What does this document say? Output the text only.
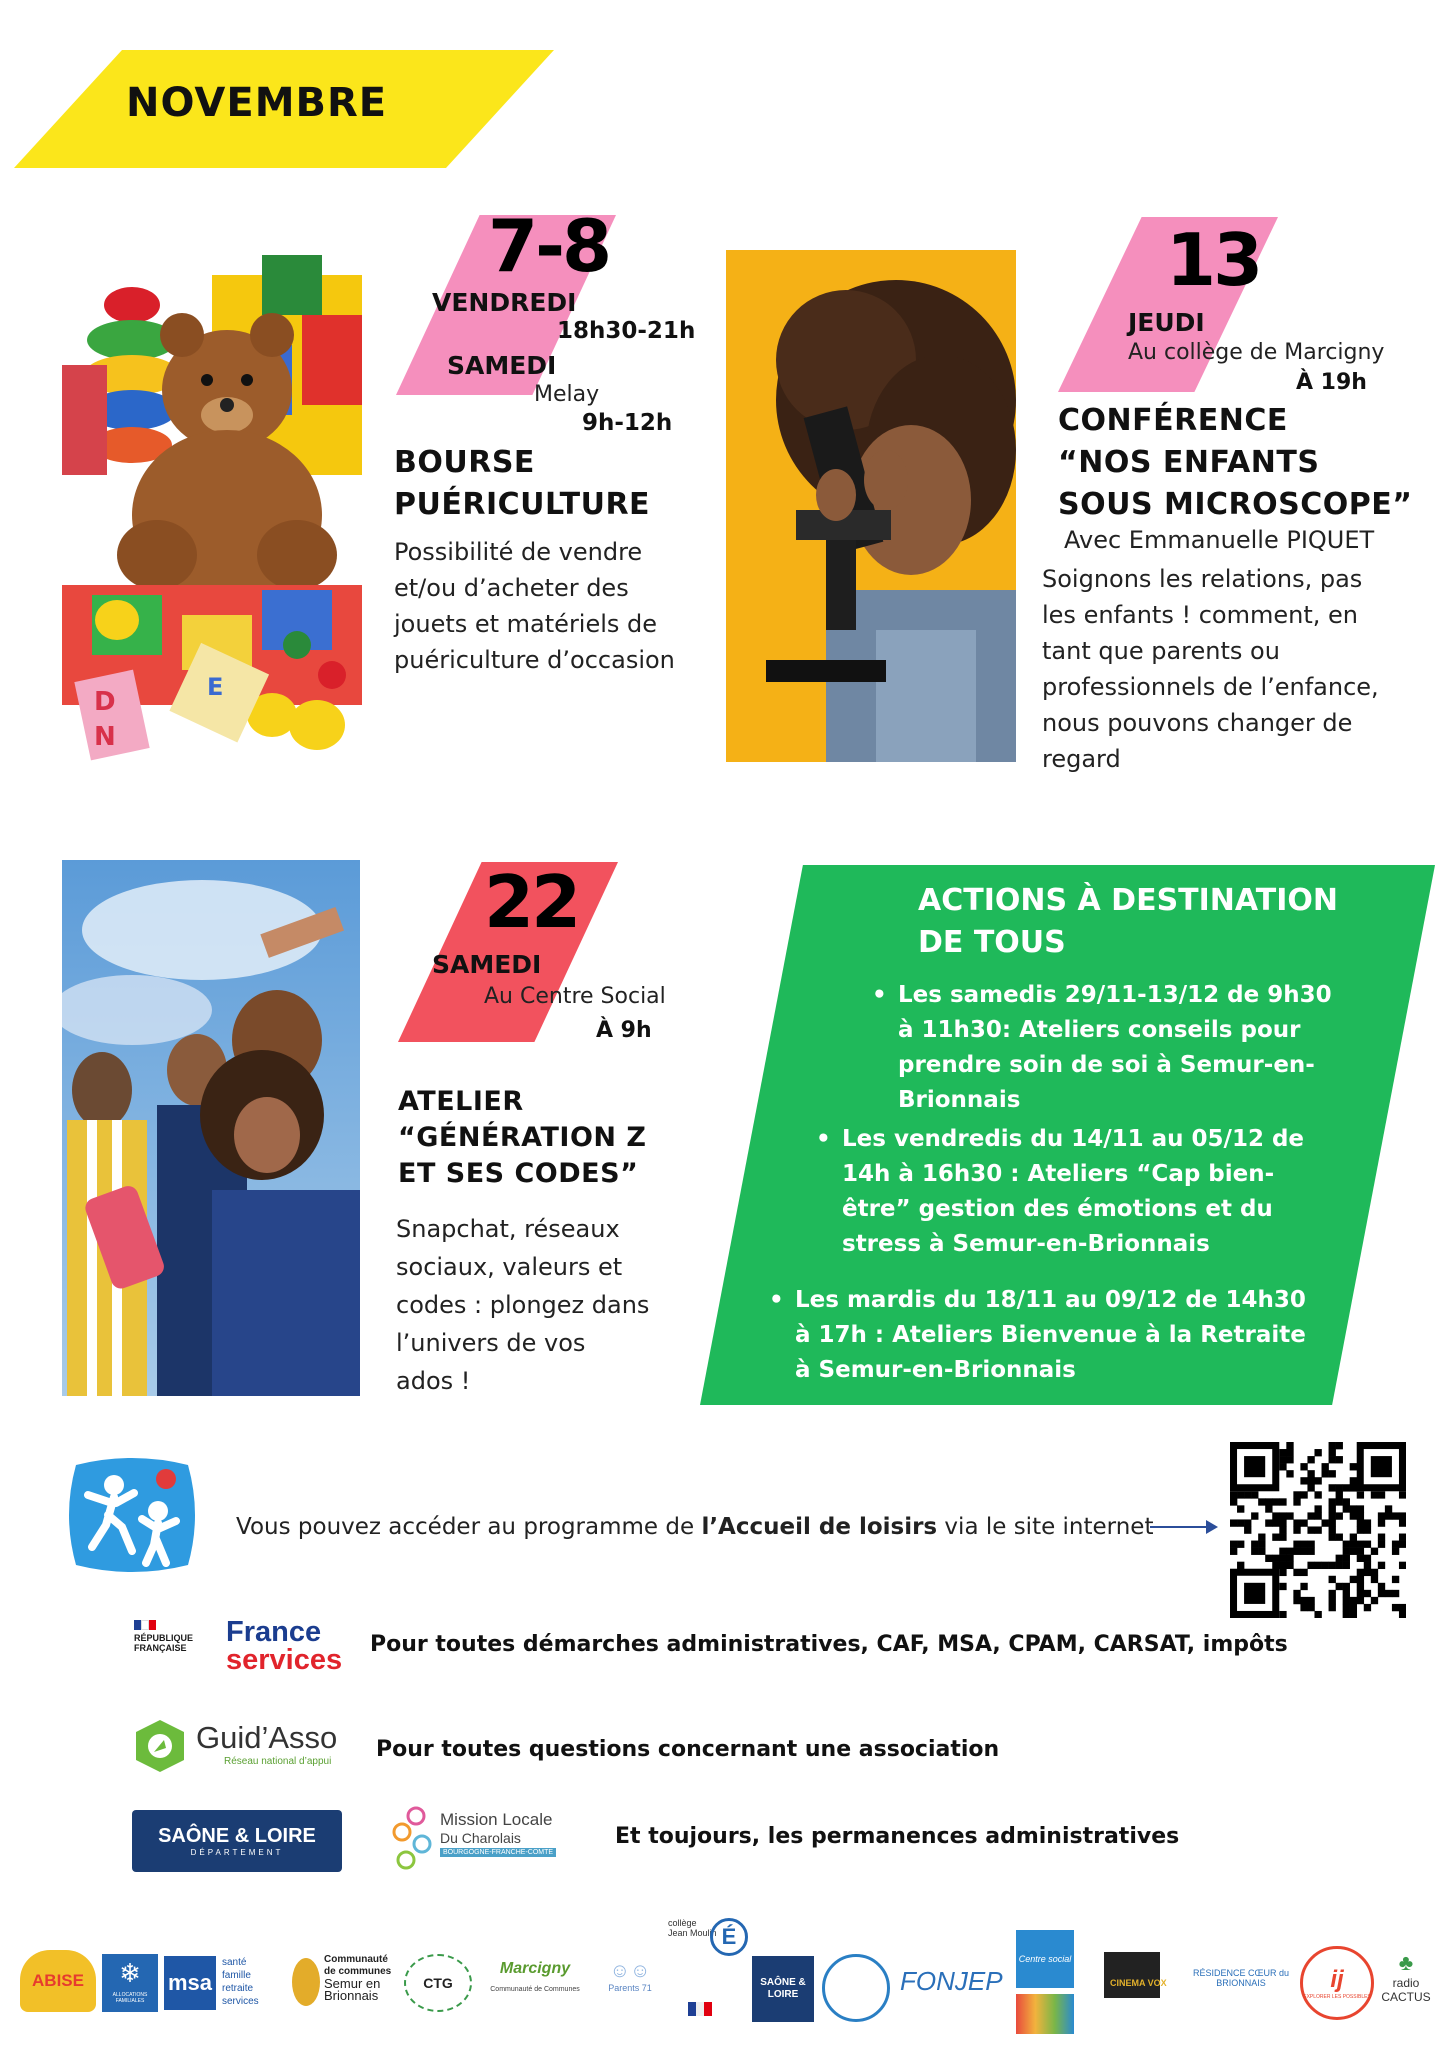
NOVEMBRE
D
N
E
7-8
VENDREDI
18h30-21h
SAMEDI
Melay
9h-12h
BOURSE
PUÉRICULTURE
Possibilité de vendre
et/ou d’acheter des
jouets et matériels de
puériculture d’occasion
13
JEUDI
Au collège de Marcigny
À 19h
CONFÉRENCE
“NOS ENFANTS
SOUS MICROSCOPE”
Avec Emmanuelle PIQUET
Soignons les relations, pas
les enfants ! comment, en
tant que parents ou
professionnels de l’enfance,
nous pouvons changer de
regard
22
SAMEDI
Au Centre Social
À 9h
ATELIER
“GÉNÉRATION Z
ET SES CODES”
Snapchat, réseaux
sociaux, valeurs et
codes : plongez dans
l’univers de vos
ados !
ACTIONS À DESTINATION
DE TOUS
• Les samedis 29/11-13/12 de 9h30
à 11h30: Ateliers conseils pour
prendre soin de soi à Semur-en-
Brionnais
• Les vendredis du 14/11 au 05/12 de
14h à 16h30 : Ateliers “Cap bien-
être” gestion des émotions et du
stress à Semur-en-Brionnais
• Les mardis du 18/11 au 09/12 de 14h30
à 17h : Ateliers Bienvenue à la Retraite
à Semur-en-Brionnais
Vous pouvez accéder au programme de l’Accueil de loisirs via le site internet
RÉPUBLIQUE
FRANÇAISE	France
services Pour toutes démarches administratives, CAF, MSA, CPAM, CARSAT, impôts
Guid’Asso
Réseau national d’appui Pour toutes questions concernant une association
SAÔNE & LOIRE
DÉPARTEMENT
Mission Locale
Du Charolais
BOURGOGNE-FRANCHE-COMTE
Et toujours, les permanences administratives
ABISE	❄
ALLOCATIONS FAMILIALES
msa
santé
famille
retraite
services
Communauté
de communes
Semur en
Brionnais
CTG
Marcigny
Communauté de Communes
☺☺
Parents 71
collège Jean Moulin É
SAÔNE & LOIRE	FONJEP
Centre social
CINEMA VOX
RÉSIDENCE CŒUR du BRIONNAIS	ij
EXPLORER LES POSSIBLES
♣
radio CACTUS
